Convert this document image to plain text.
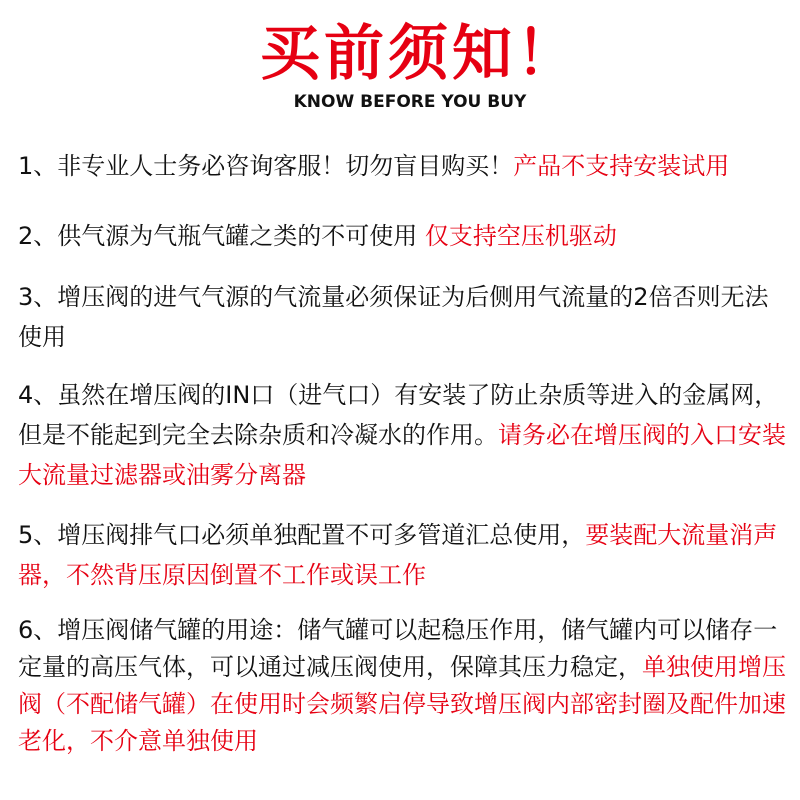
买前须知！
KNOW BEFORE YOU BUY
1、非专业人士务必咨询客服！切勿盲目购买！产品不支持安装试用
2、供气源为气瓶气罐之类的不可使用 仅支持空压机驱动
3、增压阀的进气气源的气流量必须保证为后侧用气流量的2倍否则无法使用
4、虽然在增压阀的IN口（进气口）有安装了防止杂质等进入的金属网，但是不能起到完全去除杂质和冷凝水的作用。请务必在增压阀的入口安装大流量过滤器或油雾分离器
5、增压阀排气口必须单独配置不可多管道汇总使用，要装配大流量消声器，不然背压原因倒置不工作或误工作
6、增压阀储气罐的用途：储气罐可以起稳压作用，储气罐内可以储存一定量的高压气体，可以通过减压阀使用，保障其压力稳定，单独使用增压阀（不配储气罐）在使用时会频繁启停导致增压阀内部密封圈及配件加速老化，不介意单独使用
